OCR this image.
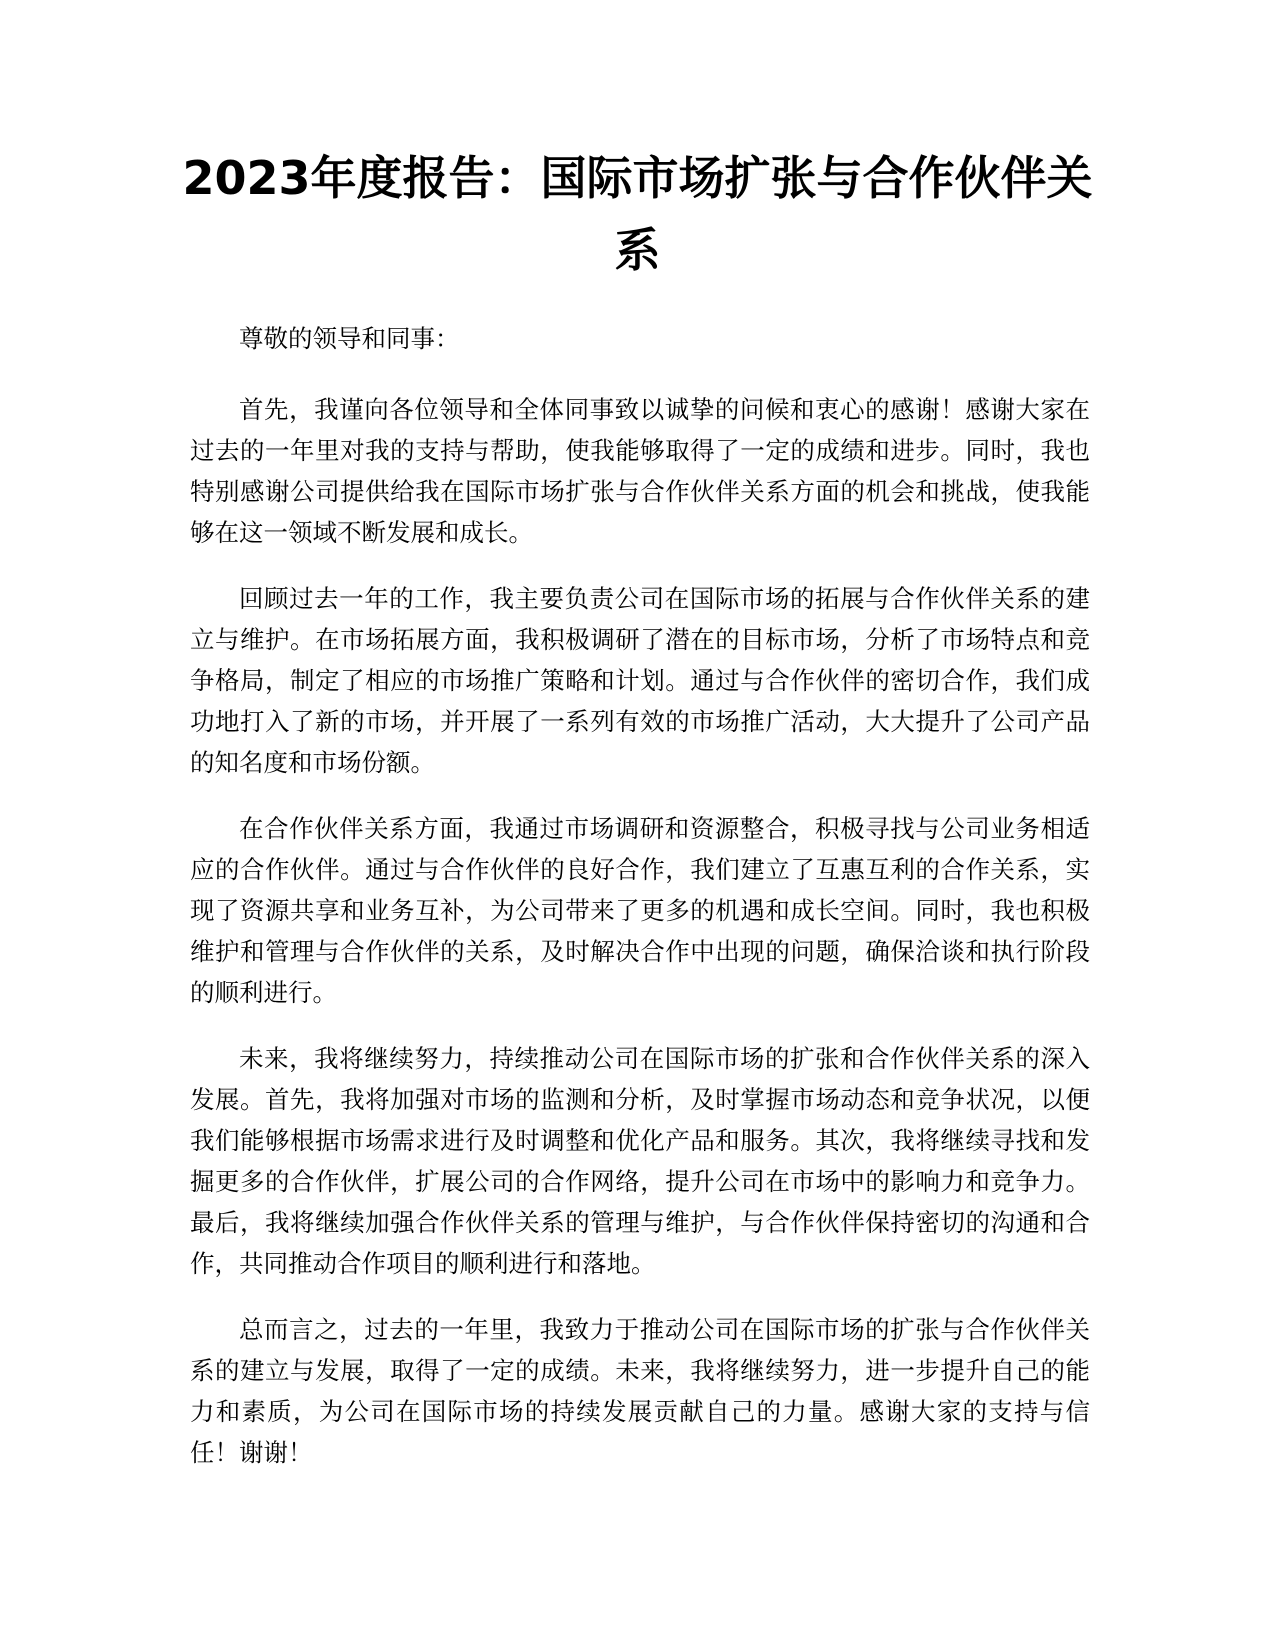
2023年度报告：国际市场扩张与合作伙伴关系

尊敬的领导和同事：

首先，我谨向各位领导和全体同事致以诚挚的问候和衷心的感谢！感谢大家在过去的一年里对我的支持与帮助，使我能够取得了一定的成绩和进步。同时，我也特别感谢公司提供给我在国际市场扩张与合作伙伴关系方面的机会和挑战，使我能够在这一领域不断发展和成长。

回顾过去一年的工作，我主要负责公司在国际市场的拓展与合作伙伴关系的建立与维护。在市场拓展方面，我积极调研了潜在的目标市场，分析了市场特点和竞争格局，制定了相应的市场推广策略和计划。通过与合作伙伴的密切合作，我们成功地打入了新的市场，并开展了一系列有效的市场推广活动，大大提升了公司产品的知名度和市场份额。

在合作伙伴关系方面，我通过市场调研和资源整合，积极寻找与公司业务相适应的合作伙伴。通过与合作伙伴的良好合作，我们建立了互惠互利的合作关系，实现了资源共享和业务互补，为公司带来了更多的机遇和成长空间。同时，我也积极维护和管理与合作伙伴的关系，及时解决合作中出现的问题，确保洽谈和执行阶段的顺利进行。

未来，我将继续努力，持续推动公司在国际市场的扩张和合作伙伴关系的深入发展。首先，我将加强对市场的监测和分析，及时掌握市场动态和竞争状况，以便我们能够根据市场需求进行及时调整和优化产品和服务。其次，我将继续寻找和发掘更多的合作伙伴，扩展公司的合作网络，提升公司在市场中的影响力和竞争力。最后，我将继续加强合作伙伴关系的管理与维护，与合作伙伴保持密切的沟通和合作，共同推动合作项目的顺利进行和落地。

总而言之，过去的一年里，我致力于推动公司在国际市场的扩张与合作伙伴关系的建立与发展，取得了一定的成绩。未来，我将继续努力，进一步提升自己的能力和素质，为公司在国际市场的持续发展贡献自己的力量。感谢大家的支持与信任！谢谢！
